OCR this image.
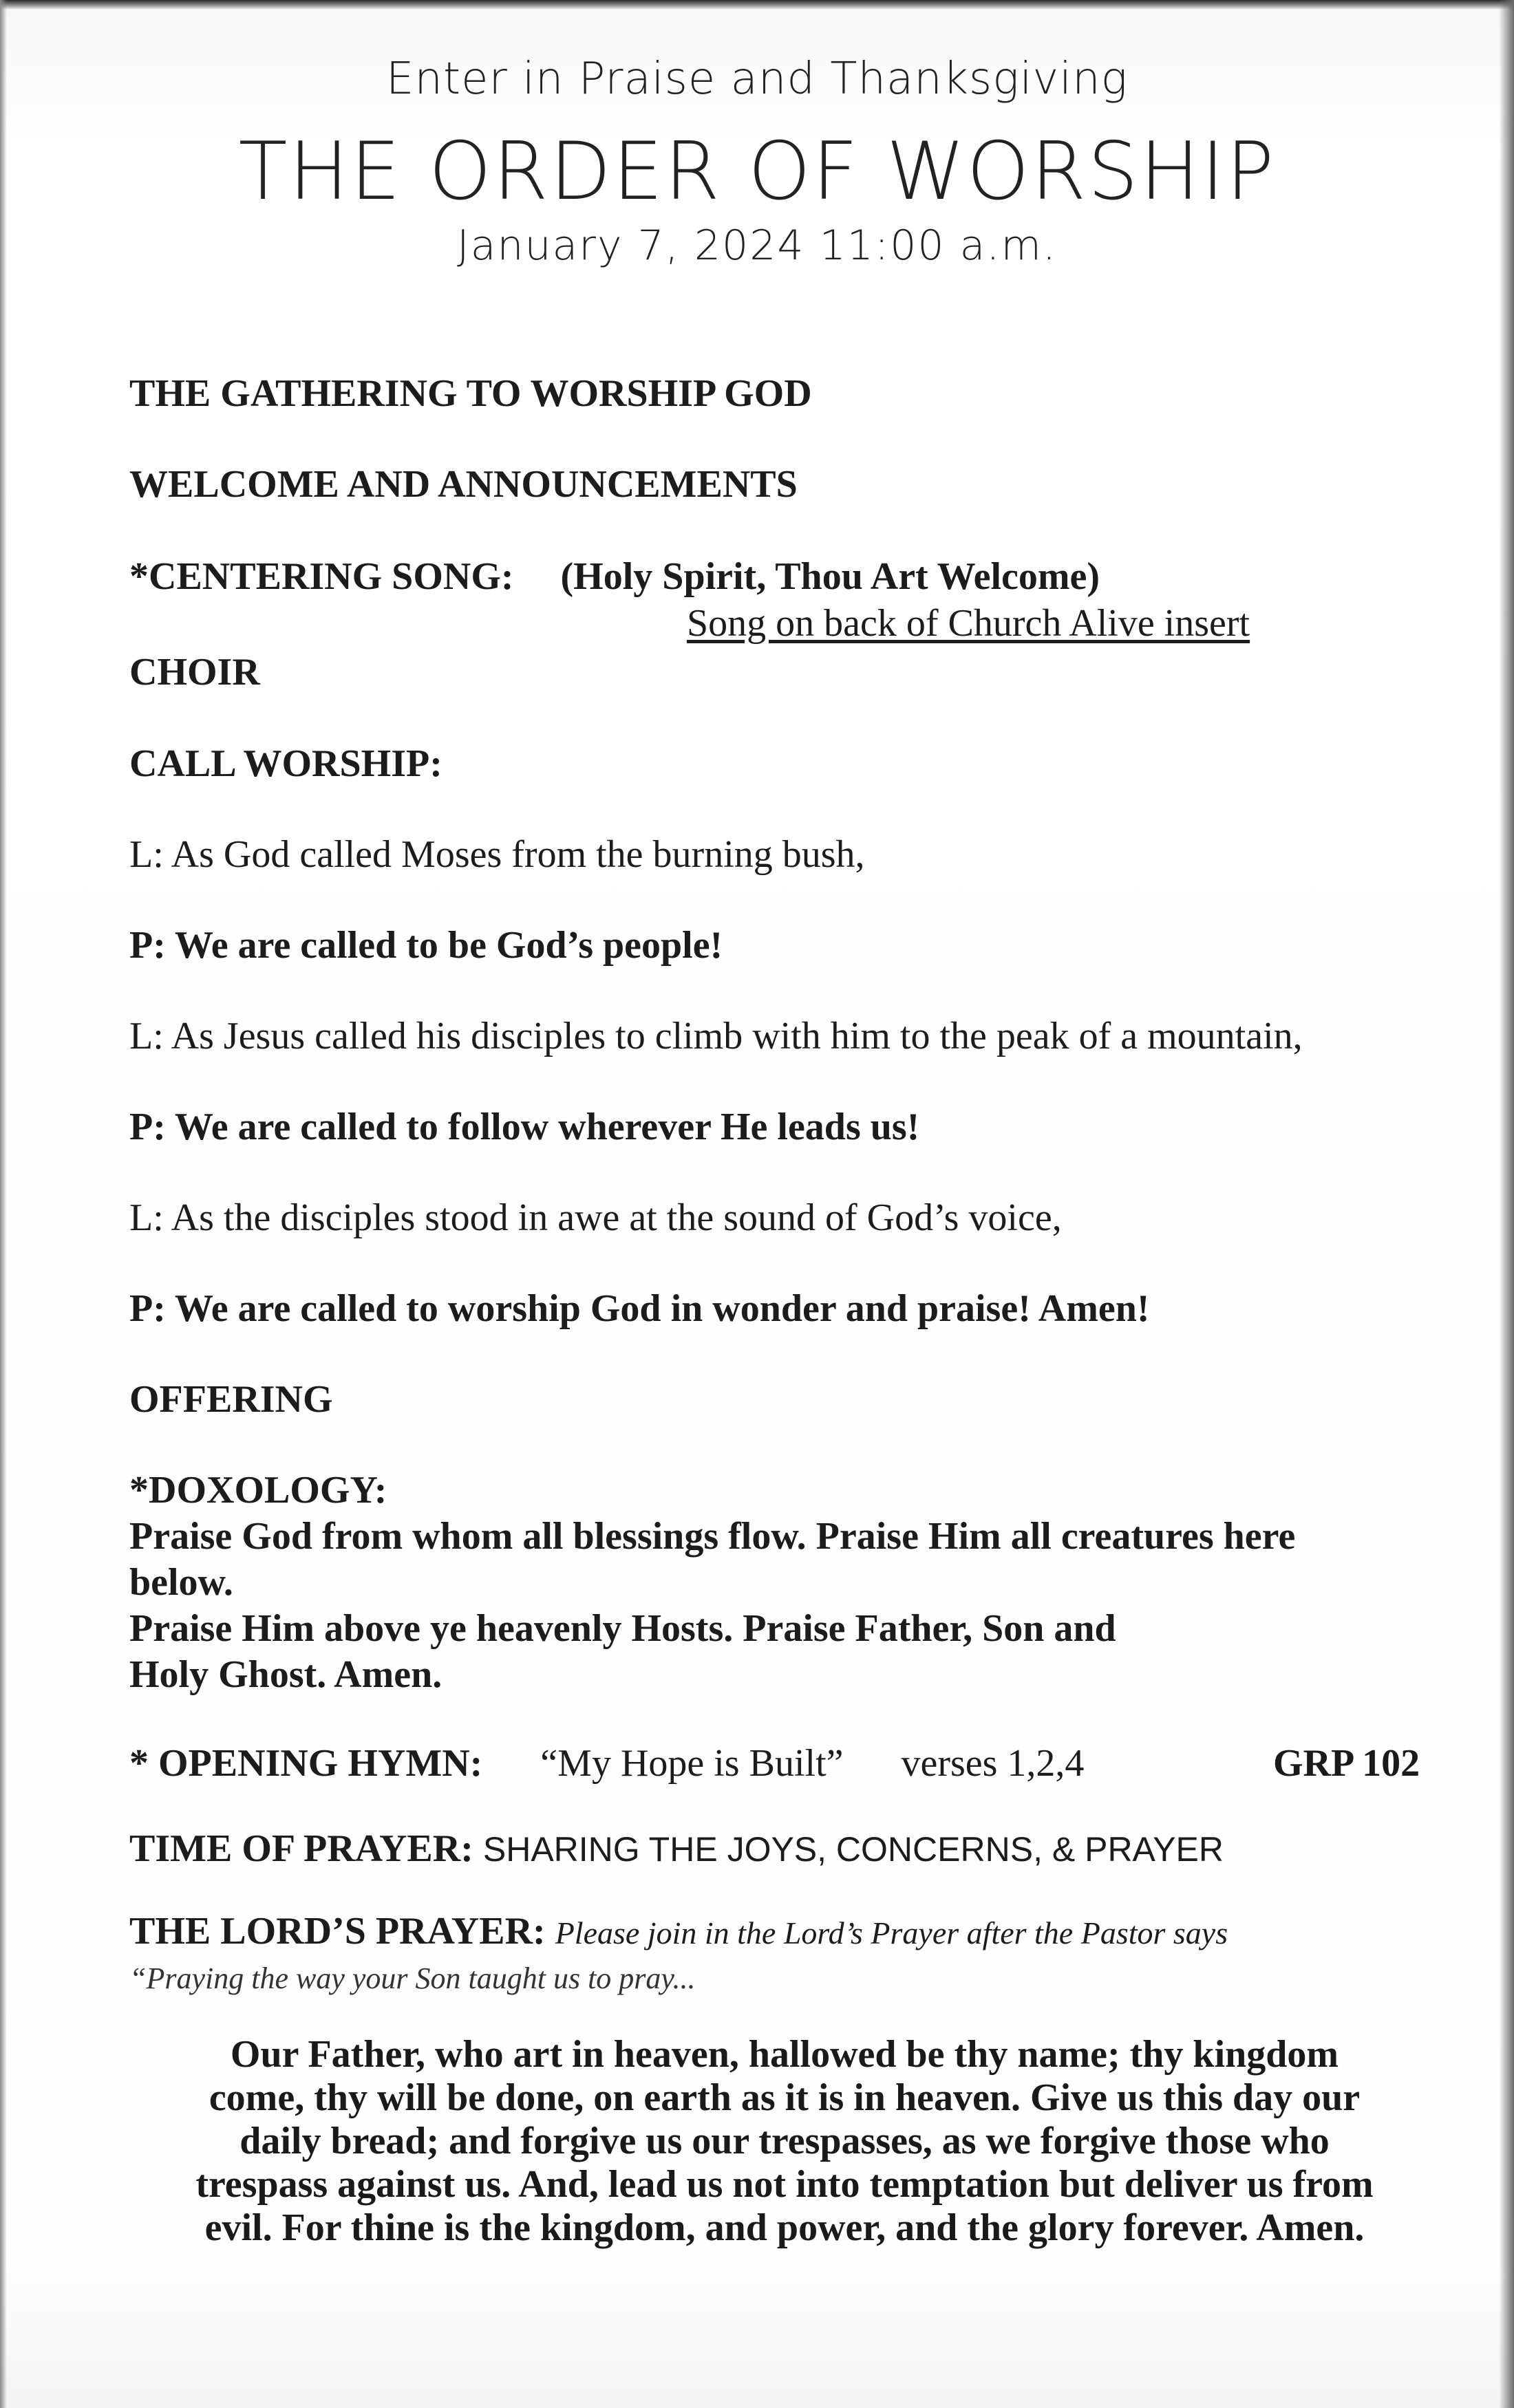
Enter in Praise and Thanksgiving
THE ORDER OF WORSHIP
January 7, 2024 11:00 a.m.
THE GATHERING TO WORSHIP GOD
WELCOME AND ANNOUNCEMENTS
*CENTERING SONG: (Holy Spirit, Thou Art Welcome)
Song on back of Church Alive insert
CHOIR
CALL WORSHIP:
L: As God called Moses from the burning bush,
P: We are called to be God’s people!
L: As Jesus called his disciples to climb with him to the peak of a mountain,
P: We are called to follow wherever He leads us!
L: As the disciples stood in awe at the sound of God’s voice,
P: We are called to worship God in wonder and praise! Amen!
OFFERING
*DOXOLOGY:
Praise God from whom all blessings flow. Praise Him all creatures here
below.
Praise Him above ye heavenly Hosts. Praise Father, Son and
Holy Ghost. Amen.
* OPENING HYMN: “My Hope is Built” verses 1,2,4	GRP 102
TIME OF PRAYER: SHARING THE JOYS, CONCERNS, & PRAYER
THE LORD’S PRAYER: Please join in the Lord’s Prayer after the Pastor says
“Praying the way your Son taught us to pray...
Our Father, who art in heaven, hallowed be thy name; thy kingdom
come, thy will be done, on earth as it is in heaven. Give us this day our
daily bread; and forgive us our trespasses, as we forgive those who
trespass against us. And, lead us not into temptation but deliver us from
evil. For thine is the kingdom, and power, and the glory forever. Amen.
